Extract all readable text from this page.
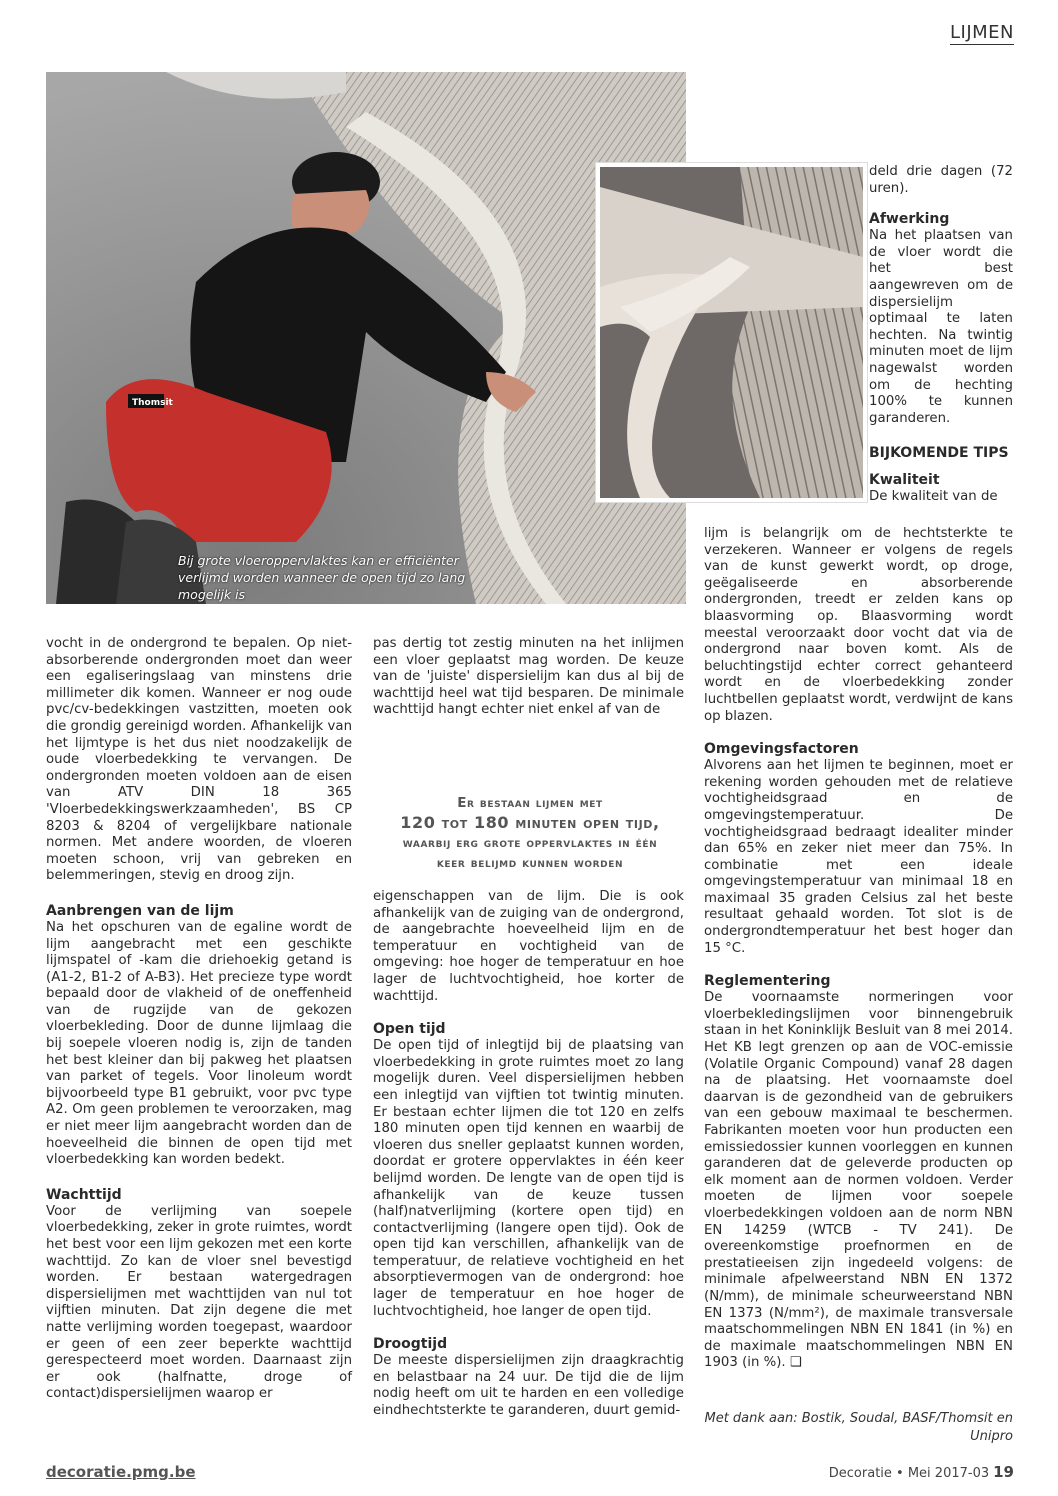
LIJMEN
Thomsit
Bij grote vloeroppervlaktes kan er efficiënter verlijmd worden wanneer de open tijd zo lang mogelijk is

vocht in de ondergrond te bepalen. Op niet-absorberende ondergronden moet dan weer een egaliseringslaag van minstens drie millimeter dik komen. Wanneer er nog oude pvc/cv-bedekkingen vastzitten, moeten ook die grondig gereinigd worden. Afhankelijk van het lijmtype is het dus niet noodzakelijk de oude vloerbedekking te vervangen. De ondergronden moeten voldoen aan de eisen van ATV DIN 18 365 'Vloerbedekkingswerkzaamheden', BS CP 8203 & 8204 of vergelijkbare nationale normen. Met andere woorden, de vloeren moeten schoon, vrij van gebreken en belemmeringen, stevig en droog zijn.

Aanbrengen van de lijm

Na het opschuren van de egaline wordt de lijm aangebracht met een geschikte lijmspatel of -kam die driehoekig getand is (A1-2, B1-2 of A-B3). Het precieze type wordt bepaald door de vlakheid of de oneffenheid van de rugzijde van de gekozen vloerbekleding. Door de dunne lijmlaag die bij soepele vloeren nodig is, zijn de tanden het best kleiner dan bij pakweg het plaatsen van parket of tegels. Voor linoleum wordt bijvoorbeeld type B1 gebruikt, voor pvc type A2. Om geen problemen te veroorzaken, mag er niet meer lijm aangebracht worden dan de hoeveelheid die binnen de open tijd met vloerbedekking kan worden bedekt.

Wachttijd

Voor de verlijming van soepele vloerbedekking, zeker in grote ruimtes, wordt het best voor een lijm gekozen met een korte wachttijd. Zo kan de vloer snel bevestigd worden. Er bestaan watergedragen dispersielijmen met wachttijden van nul tot vijftien minuten. Dat zijn degene die met natte verlijming worden toegepast, waardoor er geen of een zeer beperkte wachttijd gerespecteerd moet worden. Daarnaast zijn er ook (halfnatte, droge of contact)dispersielijmen waarop er

pas dertig tot zestig minuten na het inlijmen een vloer geplaatst mag worden. De keuze van de 'juiste' dispersielijm kan dus al bij de wachttijd heel wat tijd besparen. De minimale wachttijd hangt echter niet enkel af van de

Er bestaan lijmen met
120 tot 180 minuten open tijd,
waarbij erg grote oppervlaktes in één
keer belijmd kunnen worden

eigenschappen van de lijm. Die is ook afhankelijk van de zuiging van de ondergrond, de aangebrachte hoeveelheid lijm en de temperatuur en vochtigheid van de omgeving: hoe hoger de temperatuur en hoe lager de luchtvochtigheid, hoe korter de wachttijd.

Open tijd

De open tijd of inlegtijd bij de plaatsing van vloerbedekking in grote ruimtes moet zo lang mogelijk duren. Veel dispersielijmen hebben een inlegtijd van vijftien tot twintig minuten. Er bestaan echter lijmen die tot 120 en zelfs 180 minuten open tijd kennen en waarbij de vloeren dus sneller geplaatst kunnen worden, doordat er grotere oppervlaktes in één keer belijmd worden. De lengte van de open tijd is afhankelijk van de keuze tussen (half)natverlijming (kortere open tijd) en contactverlijming (langere open tijd). Ook de open tijd kan verschillen, afhankelijk van de temperatuur, de relatieve vochtigheid en het absorptievermogen van de ondergrond: hoe lager de temperatuur en hoe hoger de luchtvochtigheid, hoe langer de open tijd.

Droogtijd

De meeste dispersielijmen zijn draagkrachtig en belastbaar na 24 uur. De tijd die de lijm nodig heeft om uit te harden en een volledige eindhechtsterkte te garanderen, duurt gemid-

deld drie dagen (72 uren).

Afwerking

Na het plaatsen van de vloer wordt die het best aangewreven om de dispersielijm optimaal te laten hechten. Na twintig minuten moet de lijm nagewalst worden om de hechting 100% te kunnen garanderen.

BIJKOMENDE TIPS
Kwaliteit

De kwaliteit van de

lijm is belangrijk om de hechtsterkte te verzekeren. Wanneer er volgens de regels van de kunst gewerkt wordt, op droge, geëgaliseerde en absorberende ondergronden, treedt er zelden kans op blaasvorming op. Blaasvorming wordt meestal veroorzaakt door vocht dat via de ondergrond naar boven komt. Als de beluchtingstijd echter correct gehanteerd wordt en de vloerbedekking zonder luchtbellen geplaatst wordt, verdwijnt de kans op blazen.

Omgevingsfactoren

Alvorens aan het lijmen te beginnen, moet er rekening worden gehouden met de relatieve vochtigheidsgraad en de omgevingstemperatuur. De vochtigheidsgraad bedraagt idealiter minder dan 65% en zeker niet meer dan 75%. In combinatie met een ideale omgevingstemperatuur van minimaal 18 en maximaal 35 graden Celsius zal het beste resultaat gehaald worden. Tot slot is de ondergrondtemperatuur het best hoger dan 15 °C.

Reglementering

De voornaamste normeringen voor vloerbekledingslijmen voor binnengebruik staan in het Koninklijk Besluit van 8 mei 2014. Het KB legt grenzen op aan de VOC-emissie (Volatile Organic Compound) vanaf 28 dagen na de plaatsing. Het voornaamste doel daarvan is de gezondheid van de gebruikers van een gebouw maximaal te beschermen. Fabrikanten moeten voor hun producten een emissiedossier kunnen voorleggen en kunnen garanderen dat de geleverde producten op elk moment aan de normen voldoen. Verder moeten de lijmen voor soepele vloerbedekkingen voldoen aan de norm NBN EN 14259 (WTCB - TV 241). De overeenkomstige proefnormen en de prestatieeisen zijn ingedeeld volgens: de minimale afpelweerstand NBN EN 1372 (N/mm), de minimale scheurweerstand NBN EN 1373 (N/mm²), de maximale transversale maatschommelingen NBN EN 1841 (in %) en de maximale maatschommelingen NBN EN 1903 (in %). ❑

Met dank aan: Bostik, Soudal, BASF/Thomsit en Unipro
decoratie.pmg.be	Decoratie • Mei 2017-03 19
